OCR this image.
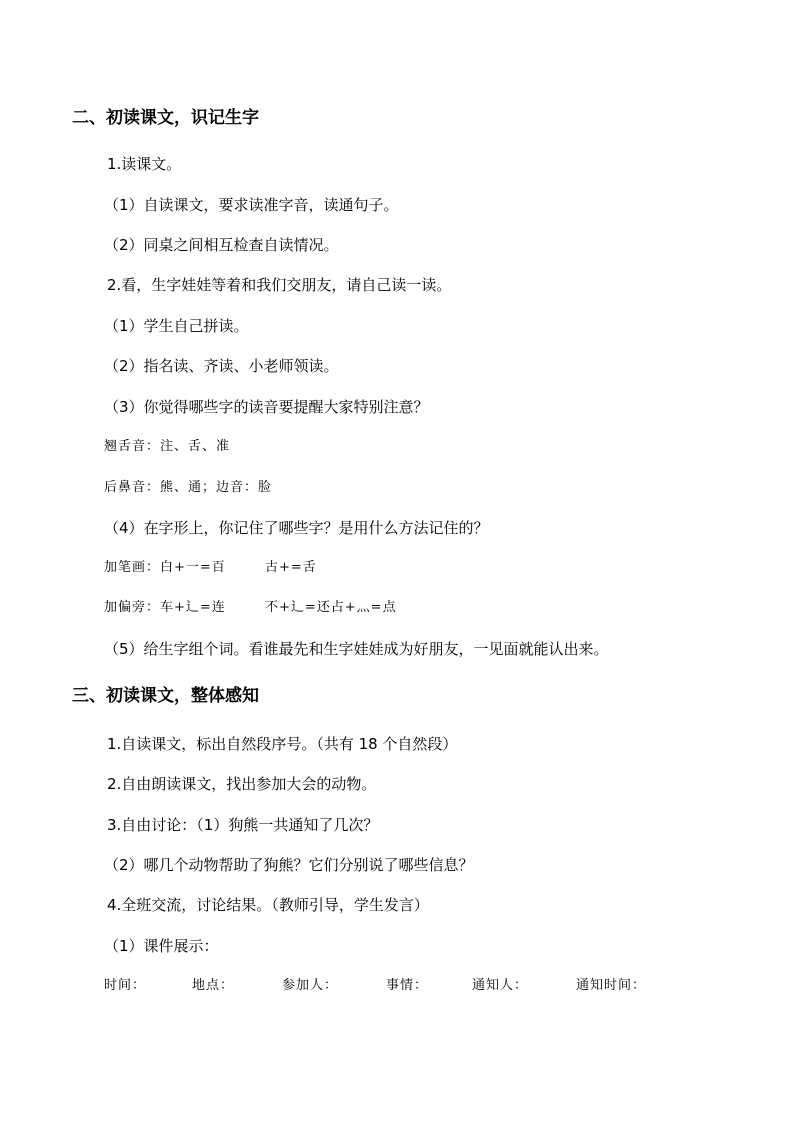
二、初读课文，识记生字
1.读课文。
（1）自读课文，要求读准字音，读通句子。
（2）同桌之间相互检查自读情况。
2.看，生字娃娃等着和我们交朋友，请自己读一读。
（1）学生自己拼读。
（2）指名读、齐读、小老师领读。
（3）你觉得哪些字的读音要提醒大家特别注意？
翘舌音：注、舌、准
后鼻音：熊、通；边音：脸
（4）在字形上，你记住了哪些字？是用什么方法记住的？
加笔画：白+一=百	古+=舌
加偏旁：车+辶=连	不+辶=还占+灬=点
（5）给生字组个词。看谁最先和生字娃娃成为好朋友，一见面就能认出来。
三、初读课文，整体感知
1.自读课文，标出自然段序号。（共有 18 个自然段）
2.自由朗读课文，找出参加大会的动物。
3.自由讨论：（1）狗熊一共通知了几次？
（2）哪几个动物帮助了狗熊？它们分别说了哪些信息？
4.全班交流，讨论结果。（教师引导，学生发言）
（1）课件展示：
时间：	地点：	参加人：	事情：	通知人：	通知时间：
